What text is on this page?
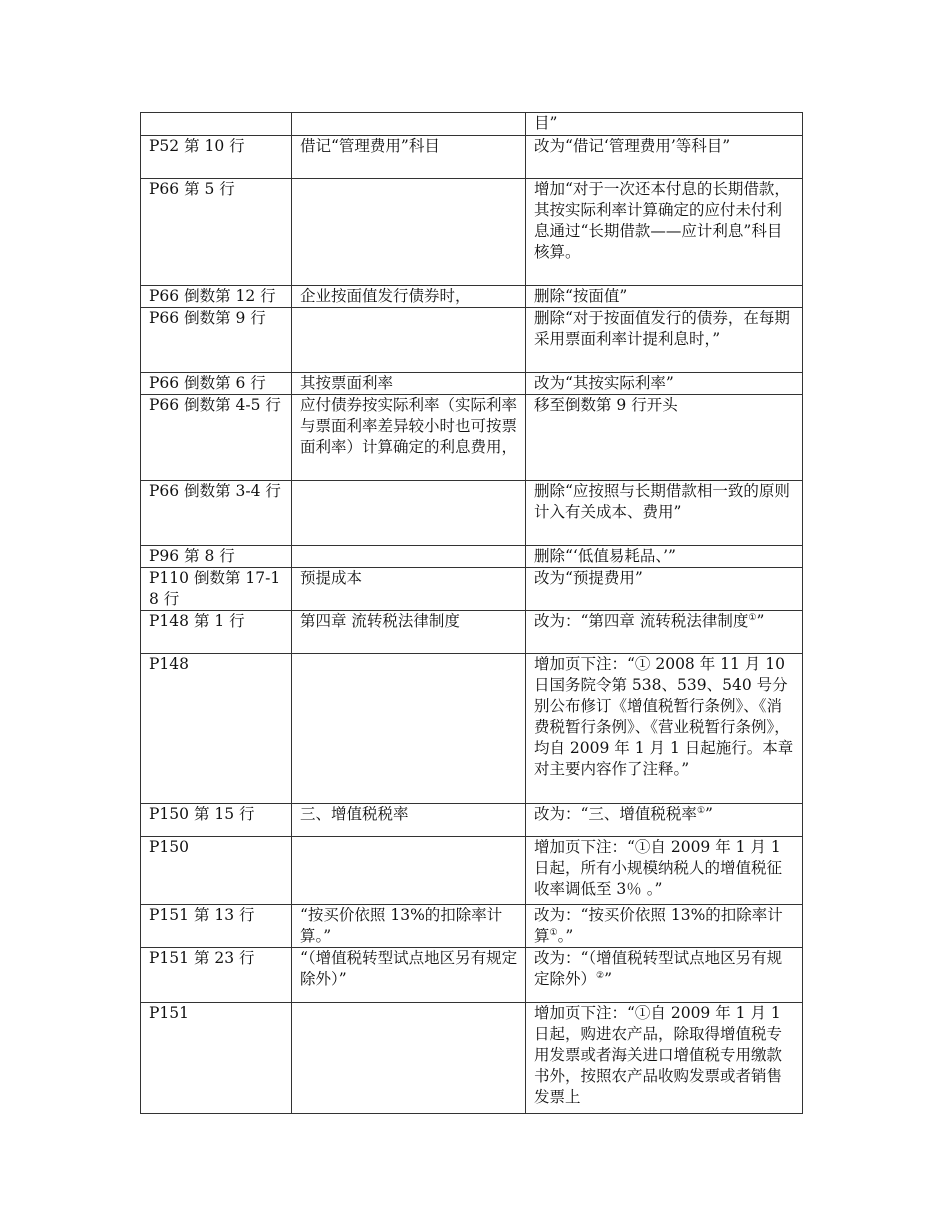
		目”
P52 第 10 行	借记“管理费用”科目	改为“借记‘管理费用’等科目”
P66 第 5 行		增加“对于一次还本付息的长期借款，其按实际利率计算确定的应付未付利息通过“长期借款——应计利息”科目核算。
P66 倒数第 12 行	企业按面值发行债券时，	删除“按面值”
P66 倒数第 9 行		删除“对于按面值发行的债券，在每期采用票面利率计提利息时，”
P66 倒数第 6 行	其按票面利率	改为“其按实际利率”
P66 倒数第 4-5 行	应付债券按实际利率（实际利率与票面利率差异较小时也可按票面利率）计算确定的利息费用，	移至倒数第 9 行开头
P66 倒数第 3-4 行		删除“应按照与长期借款相一致的原则计入有关成本、费用”
P96 第 8 行		删除“‘低值易耗品、’”
P110 倒数第 17-18 行	预提成本	改为“预提费用”
P148 第 1 行	第四章 流转税法律制度	改为：“第四章 流转税法律制度①”
P148		增加页下注：“① 2008 年 11 月 10 日国务院令第 538、539、540 号分别公布修订《增值税暂行条例》、《消费税暂行条例》、《营业税暂行条例》，均自 2009 年 1 月 1 日起施行。本章对主要内容作了注释。”
P150 第 15 行	三、增值税税率	改为：“三、增值税税率①”
P150		增加页下注：“①自 2009 年 1 月 1 日起，所有小规模纳税人的增值税征收率调低至 3％ 。”
P151 第 13 行	“按买价依照 13%的扣除率计算。”	改为：“按买价依照 13%的扣除率计算①。”
P151 第 23 行	“（增值税转型试点地区另有规定除外）”	改为：“（增值税转型试点地区另有规定除外）②”
P151		增加页下注：“①自 2009 年 1 月 1 日起，购进农产品，除取得增值税专用发票或者海关进口增值税专用缴款书外，按照农产品收购发票或者销售发票上
